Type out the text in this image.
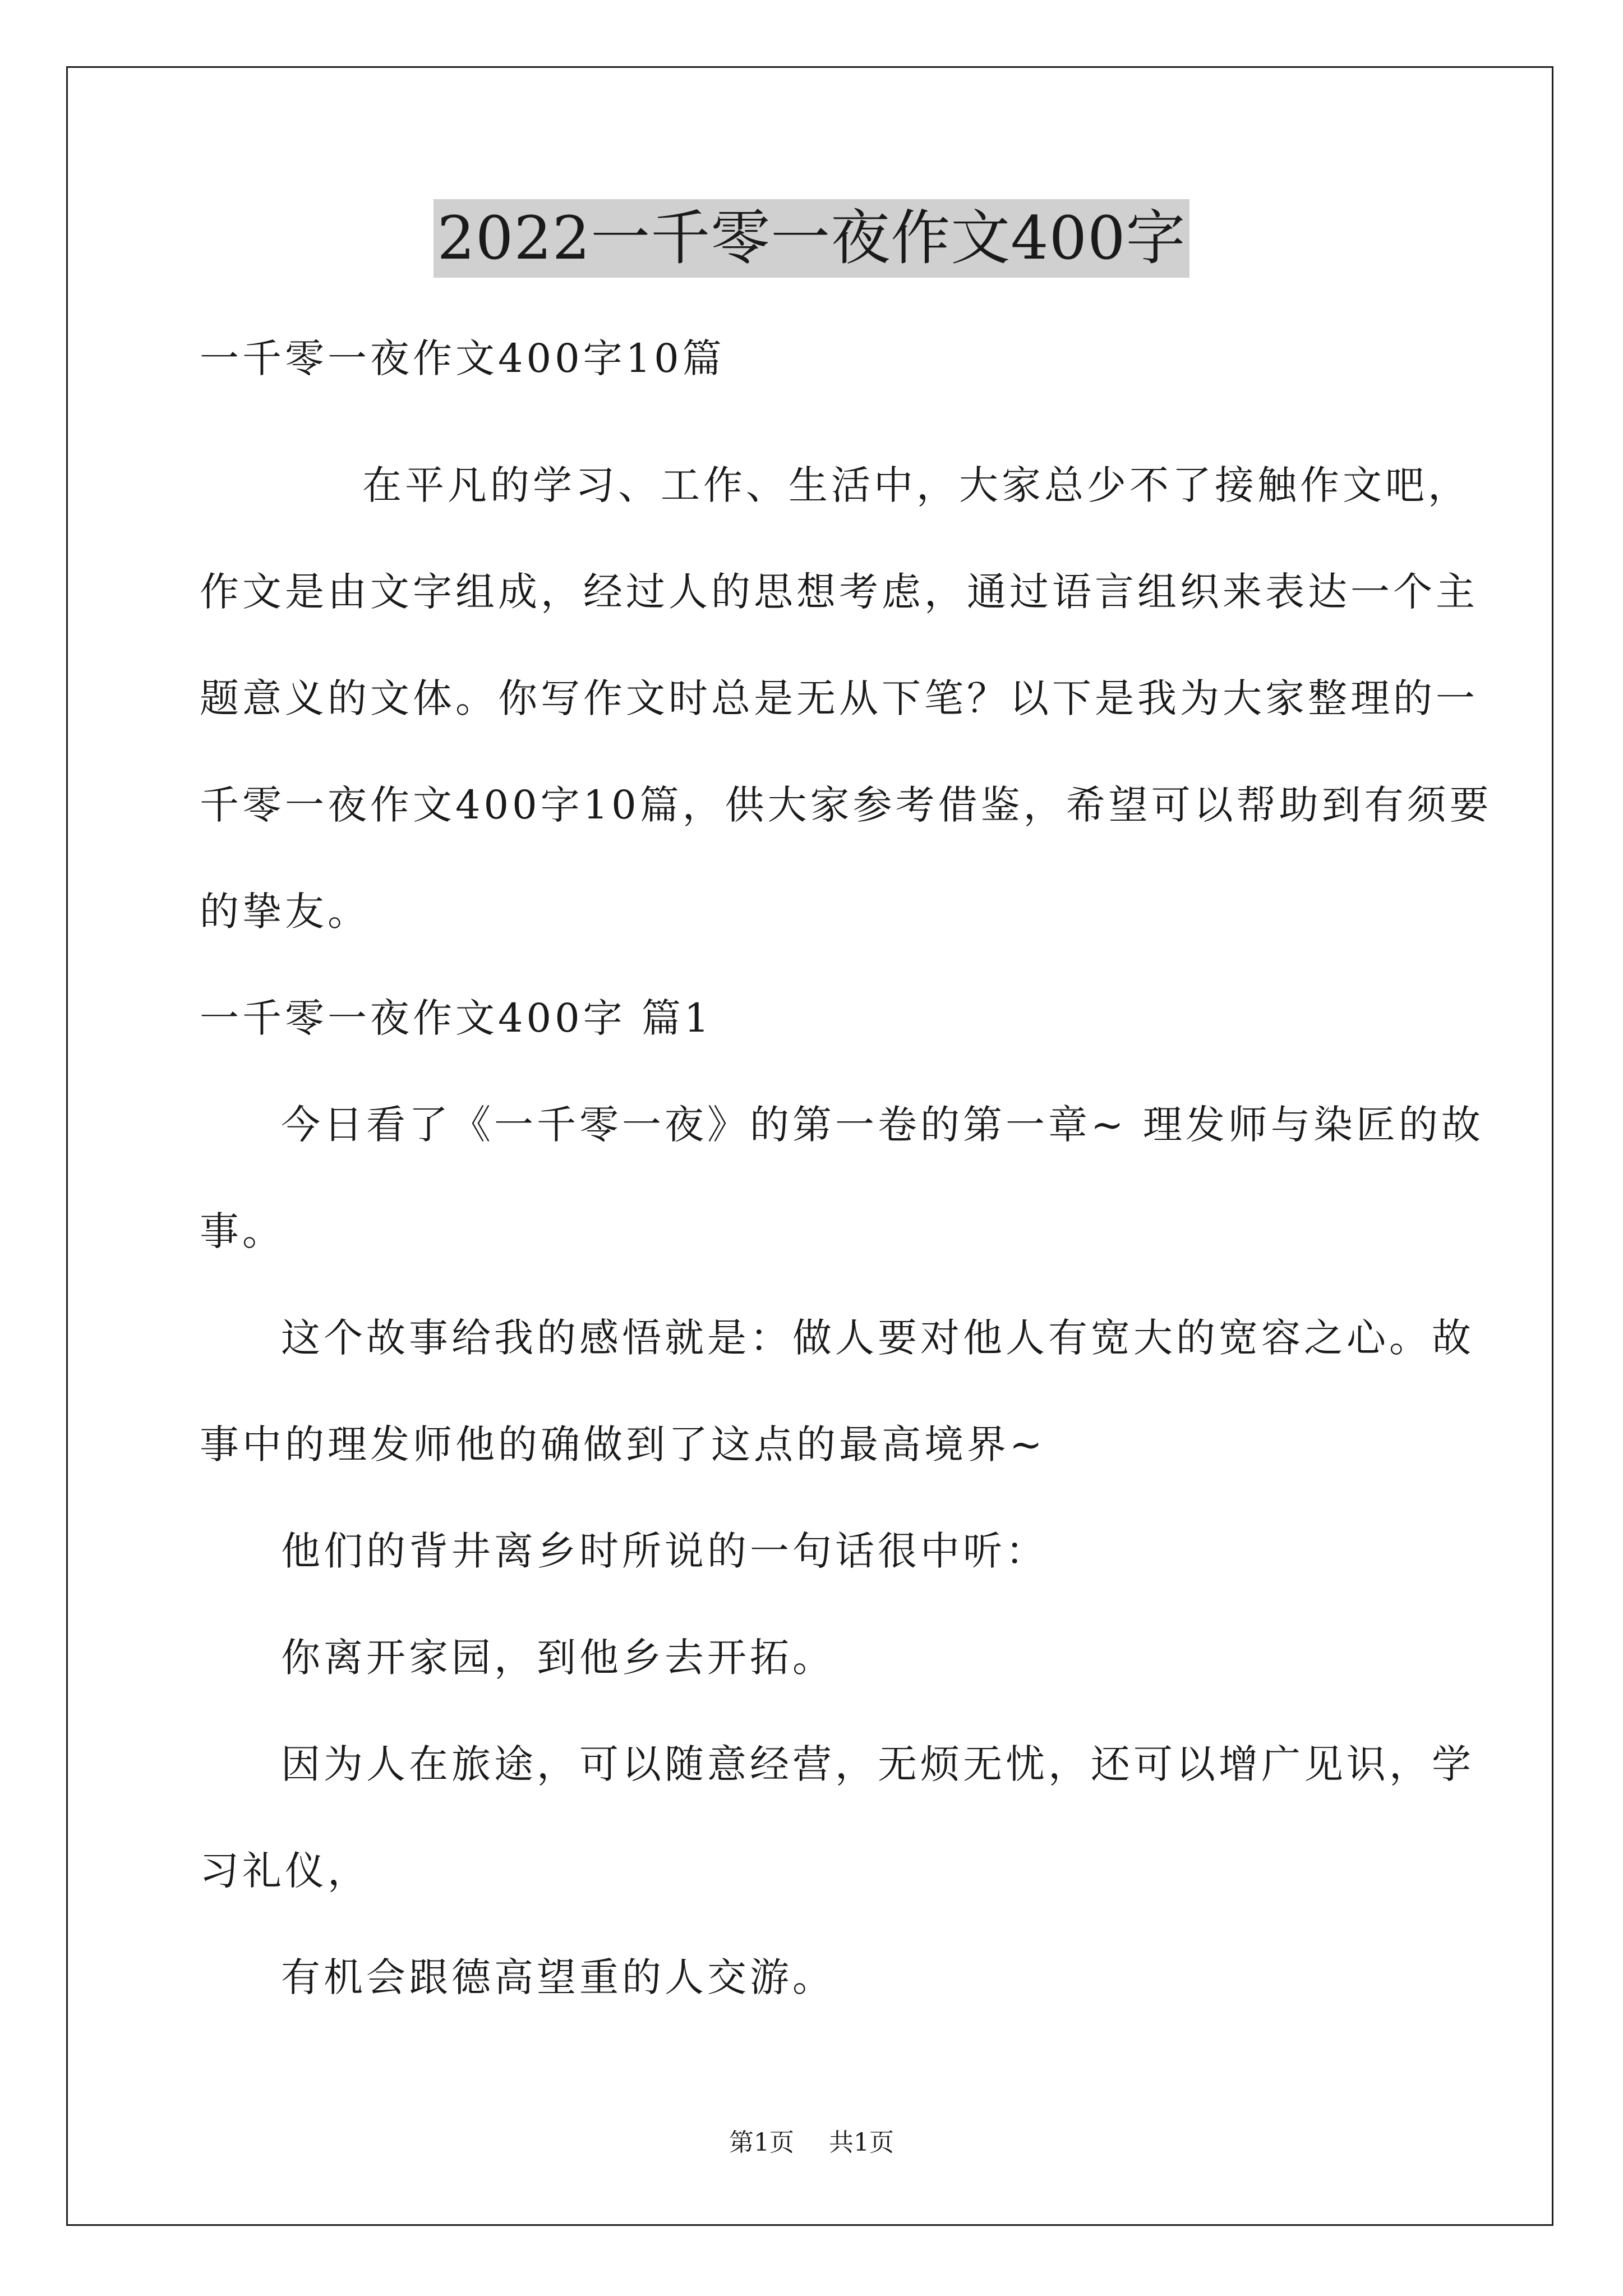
2022一千零一夜作文400字
一千零一夜作文400字10篇
在平凡的学习、工作、生活中，大家总少不了接触作文吧，
作文是由文字组成，经过人的思想考虑，通过语言组织来表达一个主
题意义的文体。你写作文时总是无从下笔？以下是我为大家整理的一
千零一夜作文400字10篇，供大家参考借鉴，希望可以帮助到有须要
的挚友。
一千零一夜作文400字 篇1
今日看了《一千零一夜》的第一卷的第一章~ 理发师与染匠的故
事。
这个故事给我的感悟就是：做人要对他人有宽大的宽容之心。故
事中的理发师他的确做到了这点的最高境界~
他们的背井离乡时所说的一句话很中听：
你离开家园，到他乡去开拓。
因为人在旅途，可以随意经营，无烦无忧，还可以增广见识，学
习礼仪，
有机会跟德高望重的人交游。
第1页 共1页
